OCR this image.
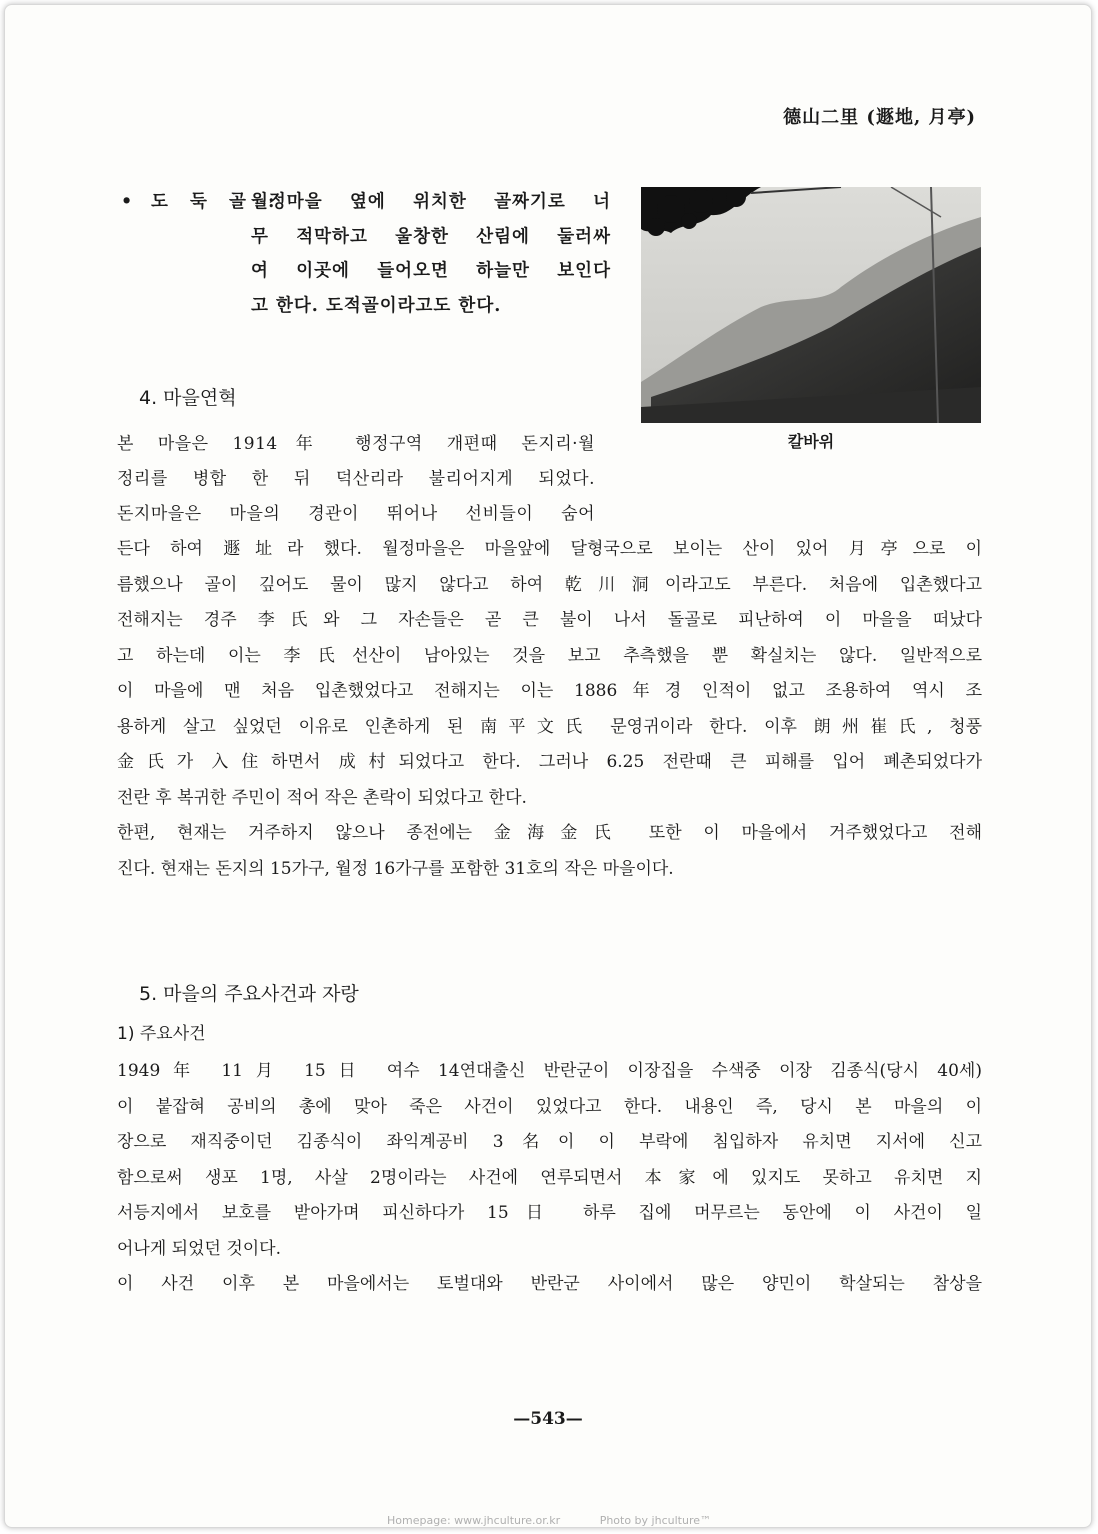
德山二里 (遯地, 月亭)
• 도 둑 골 :
월정마을 옆에 위치한 골짜기로 너
무 적막하고 울창한 산림에 둘러싸
여 이곳에 들어오면 하늘만 보인다
고 한다. 도적골이라고도 한다.
칼바위
4. 마을연혁
본 마을은 1914年 행정구역 개편때 돈지리·월
정리를 병합 한 뒤 덕산리라 불리어지게 되었다.
돈지마을은 마을의 경관이 뛰어나 선비들이 숨어
든다 하여 遯址라 했다. 월정마을은 마을앞에 달형국으로 보이는 산이 있어 月亭으로 이
름했으나 골이 깊어도 물이 많지 않다고 하여 乾川洞이라고도 부른다. 처음에 입촌했다고
전해지는 경주 李氏와 그 자손들은 곧 큰 불이 나서 돌골로 피난하여 이 마을을 떠났다
고 하는데 이는 李氏선산이 남아있는 것을 보고 추측했을 뿐 확실치는 않다. 일반적으로
이 마을에 맨 처음 입촌했었다고 전해지는 이는 1886年경 인적이 없고 조용하여 역시 조
용하게 살고 싶었던 이유로 인촌하게 된 南平文氏 문영귀이라 한다. 이후 朗州崔氏, 청풍
金氏가 入住하면서 成村되었다고 한다. 그러나 6.25 전란때 큰 피해를 입어 폐촌되었다가
전란 후 복귀한 주민이 적어 작은 촌락이 되었다고 한다.
한편, 현재는 거주하지 않으나 종전에는 金海金氏 또한 이 마을에서 거주했었다고 전해
진다. 현재는 돈지의 15가구, 월정 16가구를 포함한 31호의 작은 마을이다.
5. 마을의 주요사건과 자랑
1) 주요사건
1949年 11月 15日 여수 14연대출신 반란군이 이장집을 수색중 이장 김종식(당시 40세)
이 붙잡혀 공비의 총에 맞아 죽은 사건이 있었다고 한다. 내용인 즉, 당시 본 마을의 이
장으로 재직중이던 김종식이 좌익계공비 3名이 이 부락에 침입하자 유치면 지서에 신고
함으로써 생포 1명, 사살 2명이라는 사건에 연루되면서 本家에 있지도 못하고 유치면 지
서등지에서 보호를 받아가며 피신하다가 15日 하루 집에 머무르는 동안에 이 사건이 일
어나게 되었던 것이다.
이 사건 이후 본 마을에서는 토벌대와 반란군 사이에서 많은 양민이 학살되는 참상을
—543—
Homepage: www.jhculture.or.kr	Photo by jhculture™
